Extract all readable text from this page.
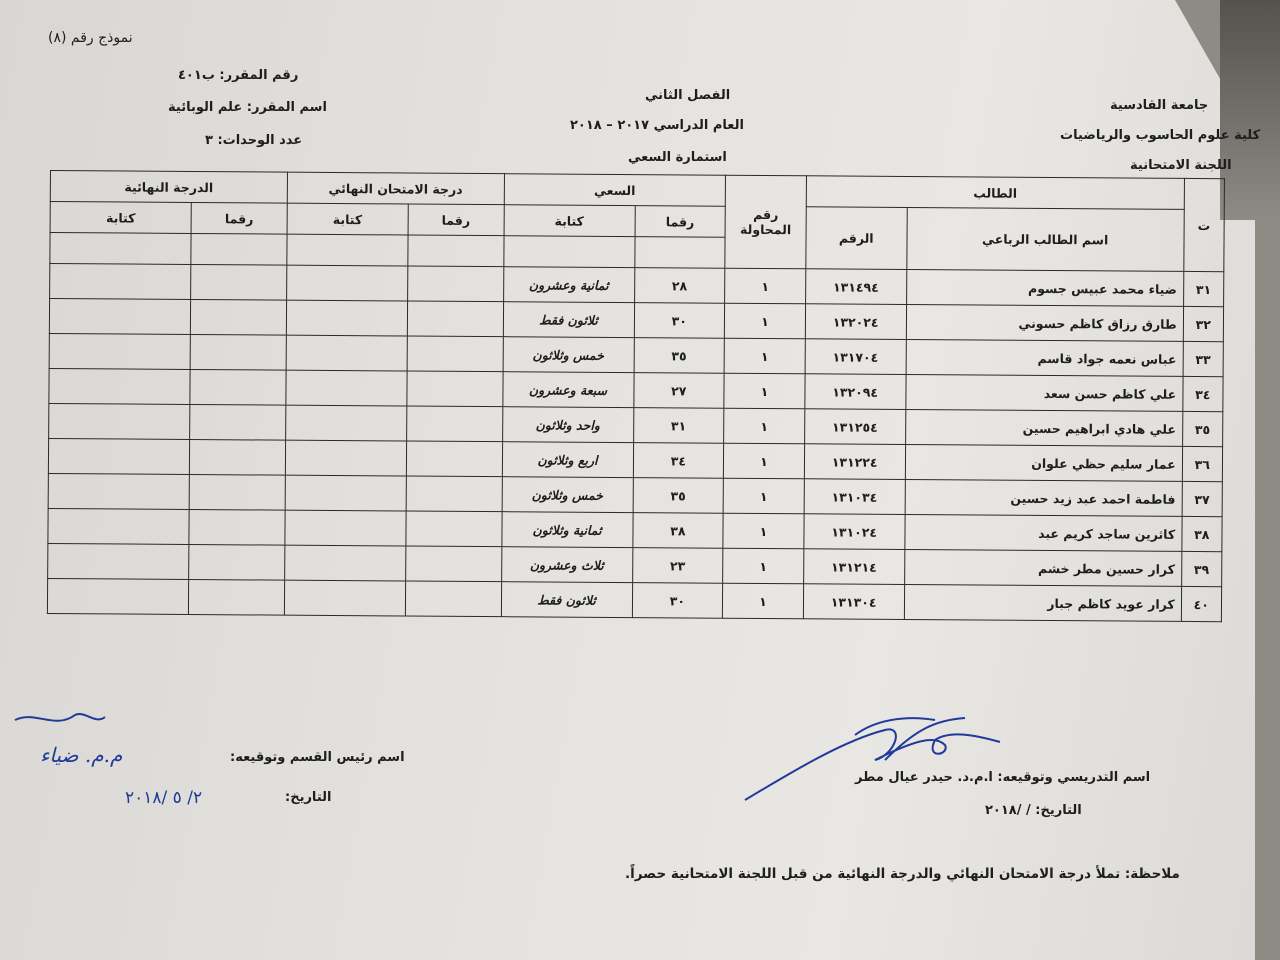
نموذج رقم (٨)
رقم المقرر: ب٤٠١
اسم المقرر: علم الوبائية
عدد الوحدات: ٣
الفصل الثاني
العام الدراسي ٢٠١٧ – ٢٠١٨
استمارة السعي
جامعة القادسية
كلية علوم الحاسوب والرياضيات
اللجنة الامتحانية
ت	الطالب		رقم المحاولة	السعي		درجة الامتحان النهائي		الدرجة النهائية	
	اسم الطالب الرباعي	الرقم		رقما	كتابة	رقما	كتابة	رقما	كتابة

٣١	ضياء محمد عبيس جسوم	١٣١٤٩٤	١	٢٨	ثمانية وعشرون				
٣٢	طارق رزاق كاظم حسوني	١٣٢٠٢٤	١	٣٠	ثلاثون فقط				
٣٣	عباس نعمه جواد قاسم	١٣١٧٠٤	١	٣٥	خمس وثلاثون				
٣٤	علي كاظم حسن سعد	١٣٢٠٩٤	١	٢٧	سبعة وعشرون				
٣٥	علي هادي ابراهيم حسين	١٣١٢٥٤	١	٣١	واحد وثلاثون				
٣٦	عمار سليم حظي علوان	١٣١٢٢٤	١	٣٤	اربع وثلاثون				
٣٧	فاطمة احمد عبد زيد حسين	١٣١٠٣٤	١	٣٥	خمس وثلاثون				
٣٨	كاثرين ساجد كريم عبد	١٣١٠٢٤	١	٣٨	ثمانية وثلاثون				
٣٩	كرار حسين مطر خشم	١٣١٢١٤	١	٢٣	ثلاث وعشرون				
٤٠	كرار عويد كاظم جبار	١٣١٣٠٤	١	٣٠	ثلاثون فقط				
اسم التدريسي وتوقيعه: ا.م.د. حيدر عيال مطر
التاريخ: / /٢٠١٨
اسم رئيس القسم وتوقيعه:
م.م. ضياء
التاريخ:
٢/ ٥ /٢٠١٨
ملاحظة: تملأ درجة الامتحان النهائي والدرجة النهائية من قبل اللجنة الامتحانية حصراً.
